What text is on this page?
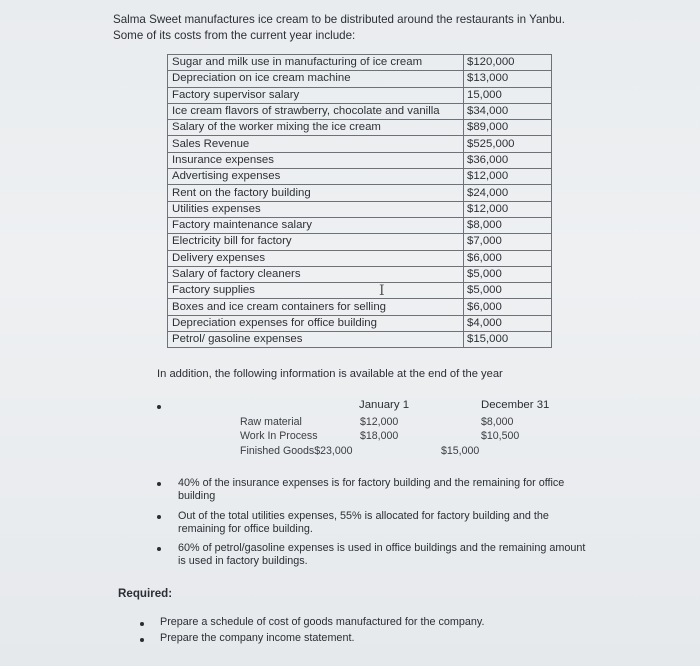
Salma Sweet manufactures ice cream to be distributed around the restaurants in Yanbu.
Some of its costs from the current year include:
Sugar and milk use in manufacturing of ice cream	$120,000
Depreciation on ice cream machine	$13,000
Factory supervisor salary	15,000
Ice cream flavors of strawberry, chocolate and vanilla	$34,000
Salary of the worker mixing the ice cream	$89,000
Sales Revenue	$525,000
Insurance expenses	$36,000
Advertising expenses	$12,000
Rent on the factory building	$24,000
Utilities expenses	$12,000
Factory maintenance salary	$8,000
Electricity bill for factory	$7,000
Delivery expenses	$6,000
Salary of factory cleaners	$5,000
Factory supplies	$5,000
Boxes and ice cream containers for selling	$6,000
Depreciation expenses for office building	$4,000
Petrol/ gasoline expenses	$15,000
I
In addition, the following information is available at the end of the year
January 1	December 31
Raw material	$12,000	$8,000
Work In Process	$18,000	$10,500
Finished Goods$23,000	$15,000
40% of the insurance expenses is for factory building and the remaining for office building
Out of the total utilities expenses, 55% is allocated for factory building and the remaining for office building.
60% of petrol/gasoline expenses is used in office buildings and the remaining amount is used in factory buildings.
Required:
Prepare a schedule of cost of goods manufactured for the company.
Prepare the company income statement.
